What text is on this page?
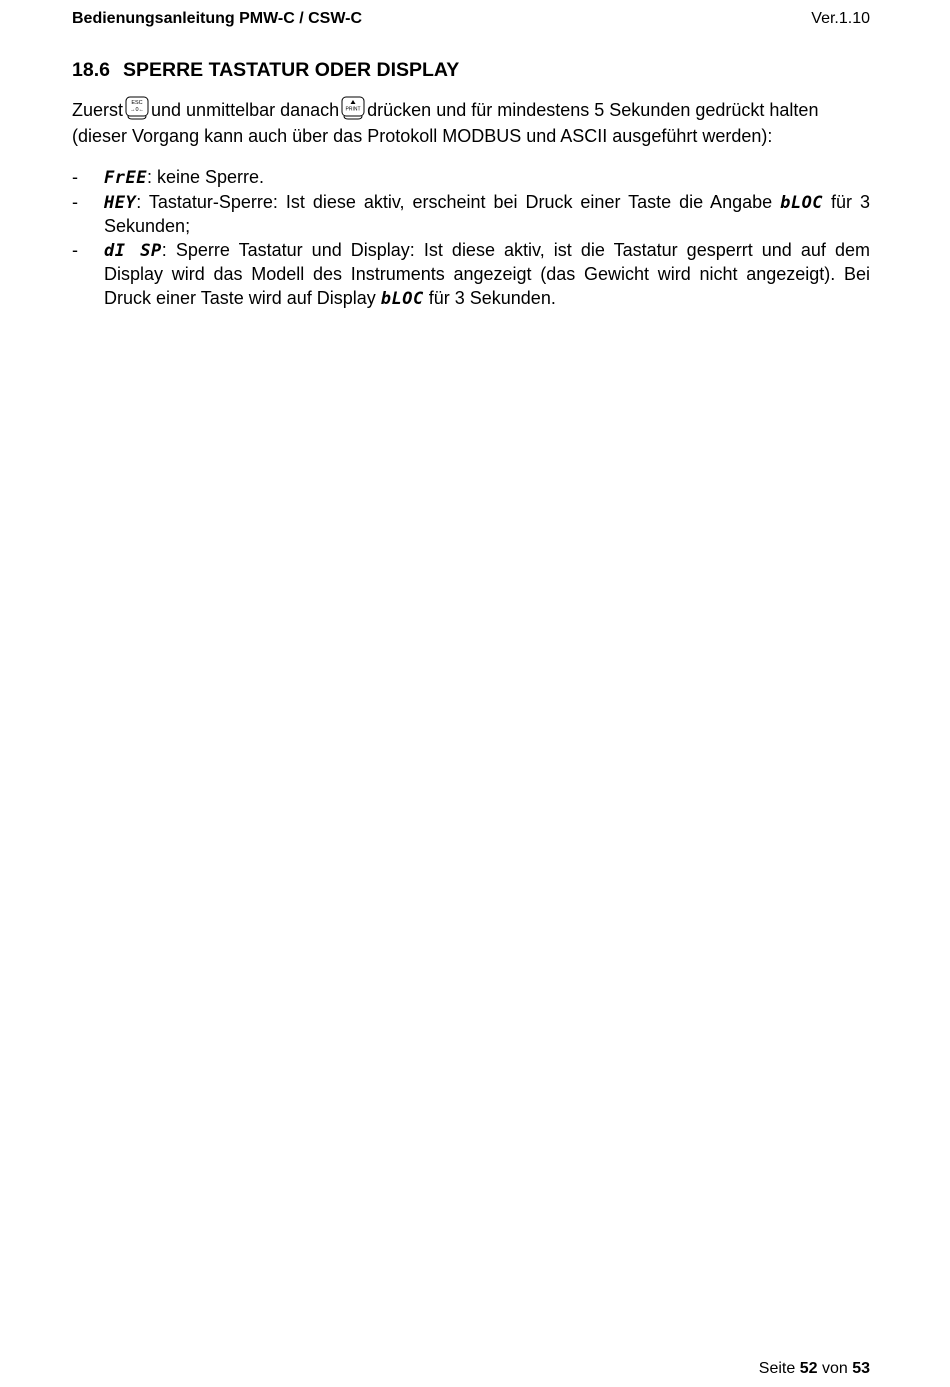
Bedienungsanleitung PMW-C / CSW-C	Ver.1.10
18.6 SPERRE TASTATUR ODER DISPLAY

Zuerst ESC
→0← und unmittelbar danach PRINT drücken und für mindestens 5 Sekunden gedrückt halten (dieser Vorgang kann auch über das Protokoll MODBUS und ASCII ausgeführt werden):

- FrEE: keine Sperre.
- HEY: Tastatur-Sperre: Ist diese aktiv, erscheint bei Druck einer Taste die Angabe bLOC für 3 Sekunden;
- dI SP: Sperre Tastatur und Display: Ist diese aktiv, ist die Tastatur gesperrt und auf dem Display wird das Modell des Instruments angezeigt (das Gewicht wird nicht angezeigt). Bei Druck einer Taste wird auf Display bLOC für 3 Sekunden.
Seite 52 von 53
